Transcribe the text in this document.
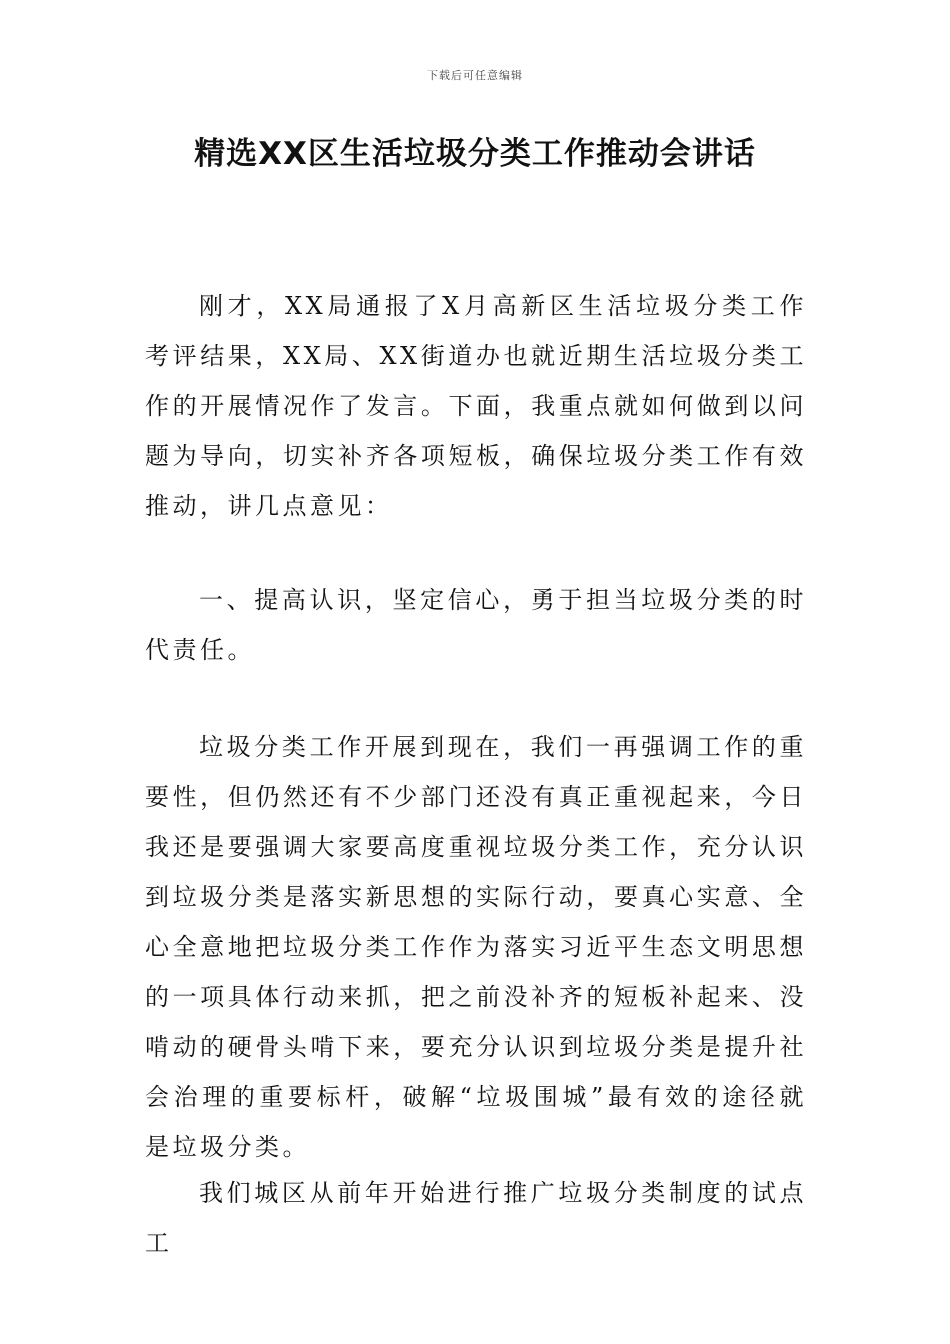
下载后可任意编辑
精选XX区生活垃圾分类工作推动会讲话

刚才，XX局通报了X月高新区生活垃圾分类工作考评结果，XX局、XX街道办也就近期生活垃圾分类工作的开展情况作了发言。下面，我重点就如何做到以问题为导向，切实补齐各项短板，确保垃圾分类工作有效推动，讲几点意见：

一、提高认识，坚定信心，勇于担当垃圾分类的时代责任。

垃圾分类工作开展到现在，我们一再强调工作的重要性，但仍然还有不少部门还没有真正重视起来，今日我还是要强调大家要高度重视垃圾分类工作，充分认识到垃圾分类是落实新思想的实际行动，要真心实意、全心全意地把垃圾分类工作作为落实习近平生态文明思想的一项具体行动来抓，把之前没补齐的短板补起来、没啃动的硬骨头啃下来，要充分认识到垃圾分类是提升社会治理的重要标杆，破解“垃圾围城”最有效的途径就是垃圾分类。

我们城区从前年开始进行推广垃圾分类制度的试点工
